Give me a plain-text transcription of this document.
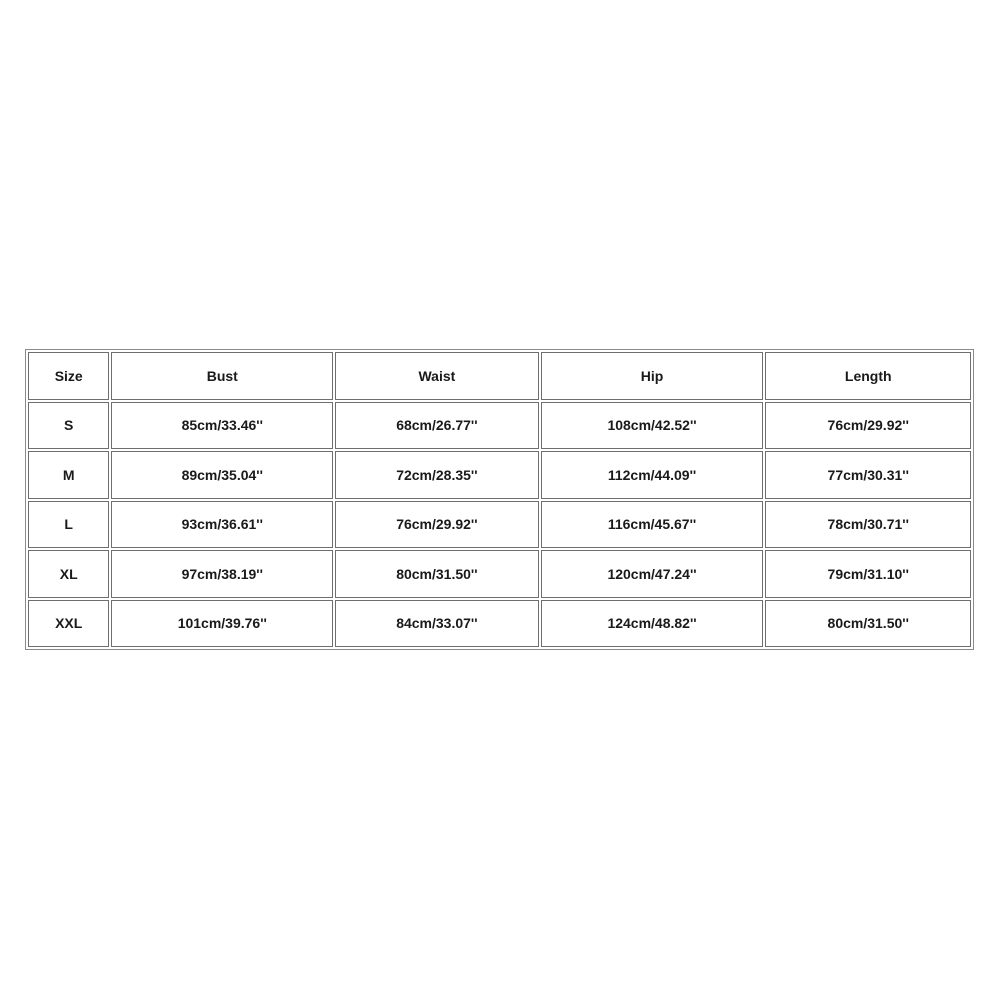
Size	Bust	Waist	Hip	Length
S	85cm/33.46''	68cm/26.77''	108cm/42.52''	76cm/29.92''
M	89cm/35.04''	72cm/28.35''	112cm/44.09''	77cm/30.31''
L	93cm/36.61''	76cm/29.92''	116cm/45.67''	78cm/30.71''
XL	97cm/38.19''	80cm/31.50''	120cm/47.24''	79cm/31.10''
XXL	101cm/39.76''	84cm/33.07''	124cm/48.82''	80cm/31.50''
